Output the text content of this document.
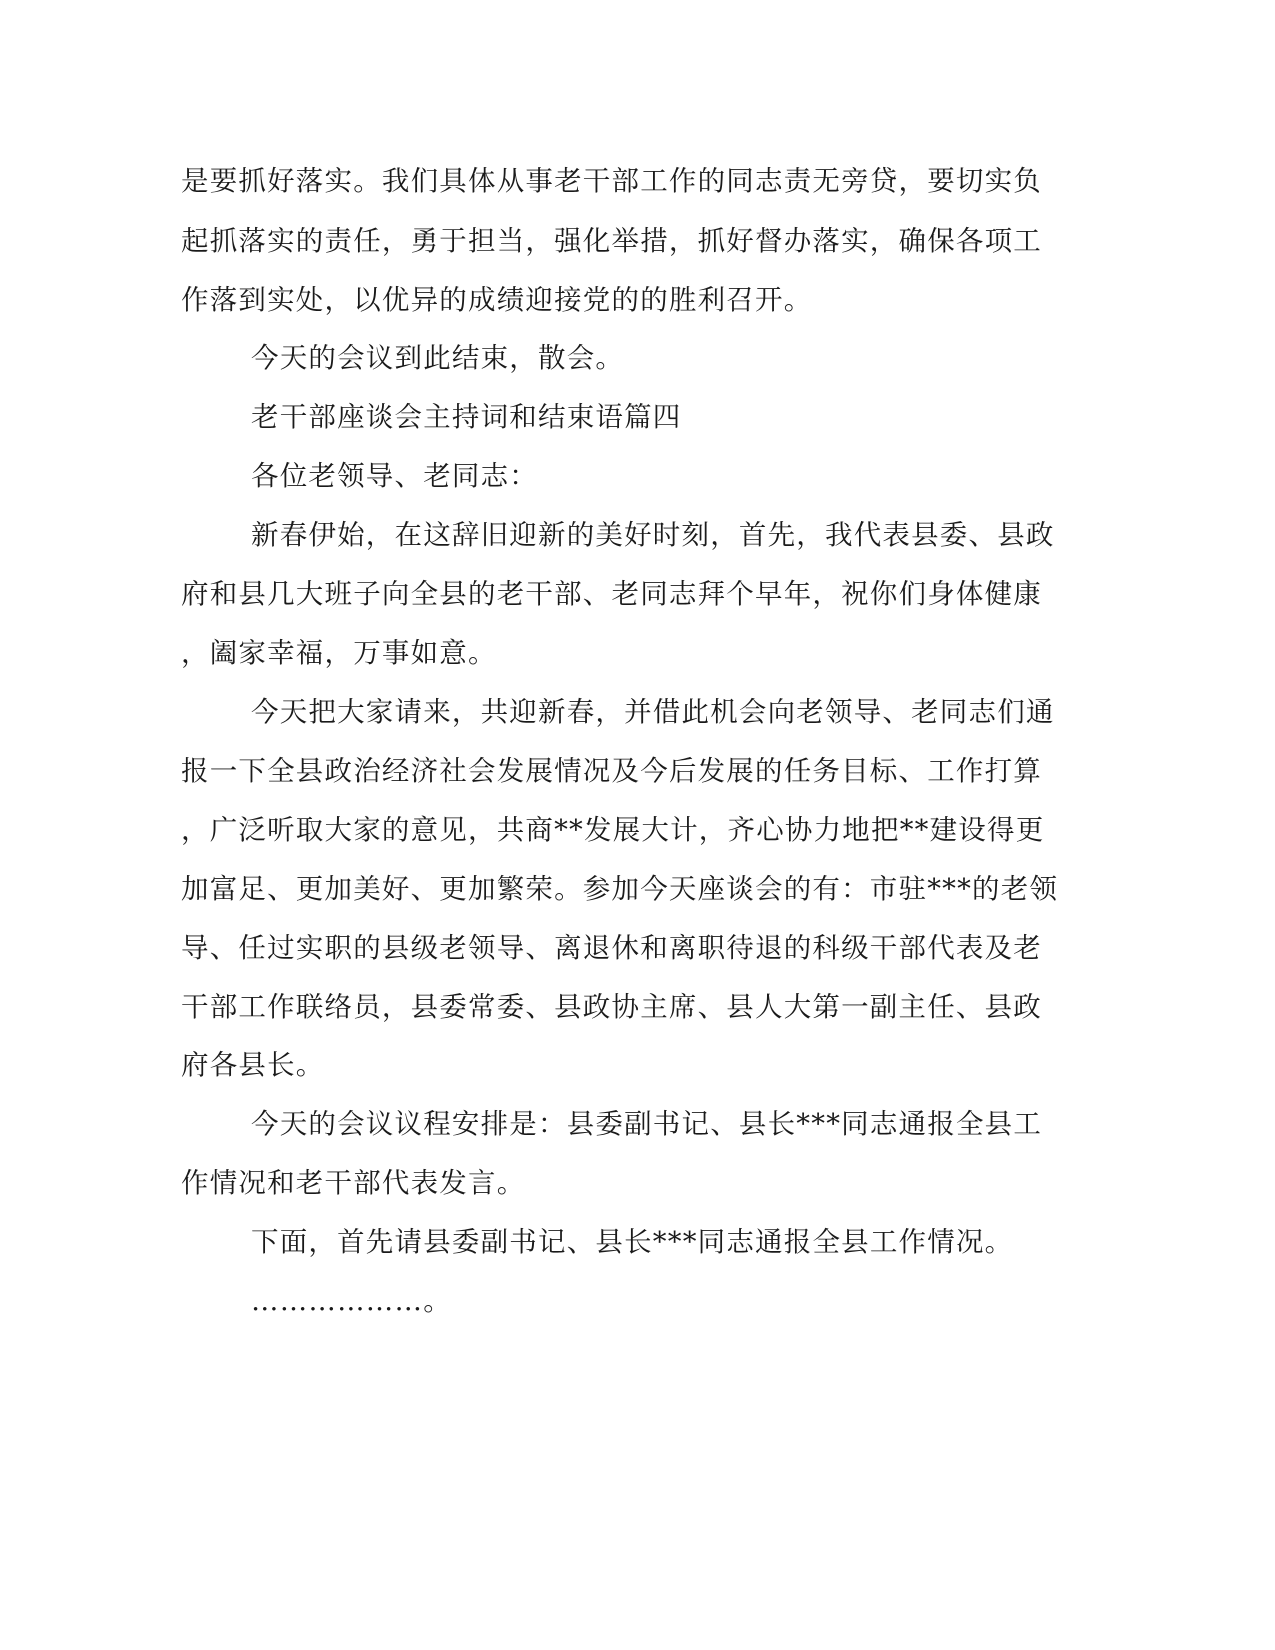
是要抓好落实。我们具体从事老干部工作的同志责无旁贷，要切实负
起抓落实的责任，勇于担当，强化举措，抓好督办落实，确保各项工
作落到实处，以优异的成绩迎接党的的胜利召开。
今天的会议到此结束，散会。
老干部座谈会主持词和结束语篇四
各位老领导、老同志：
新春伊始，在这辞旧迎新的美好时刻，首先，我代表县委、县政
府和县几大班子向全县的老干部、老同志拜个早年，祝你们身体健康
，阖家幸福，万事如意。
今天把大家请来，共迎新春，并借此机会向老领导、老同志们通
报一下全县政治经济社会发展情况及今后发展的任务目标、工作打算
，广泛听取大家的意见，共商**发展大计，齐心协力地把**建设得更
加富足、更加美好、更加繁荣。参加今天座谈会的有：市驻***的老领
导、任过实职的县级老领导、离退休和离职待退的科级干部代表及老
干部工作联络员，县委常委、县政协主席、县人大第一副主任、县政
府各县长。
今天的会议议程安排是：县委副书记、县长***同志通报全县工
作情况和老干部代表发言。
下面，首先请县委副书记、县长***同志通报全县工作情况。
………………。
